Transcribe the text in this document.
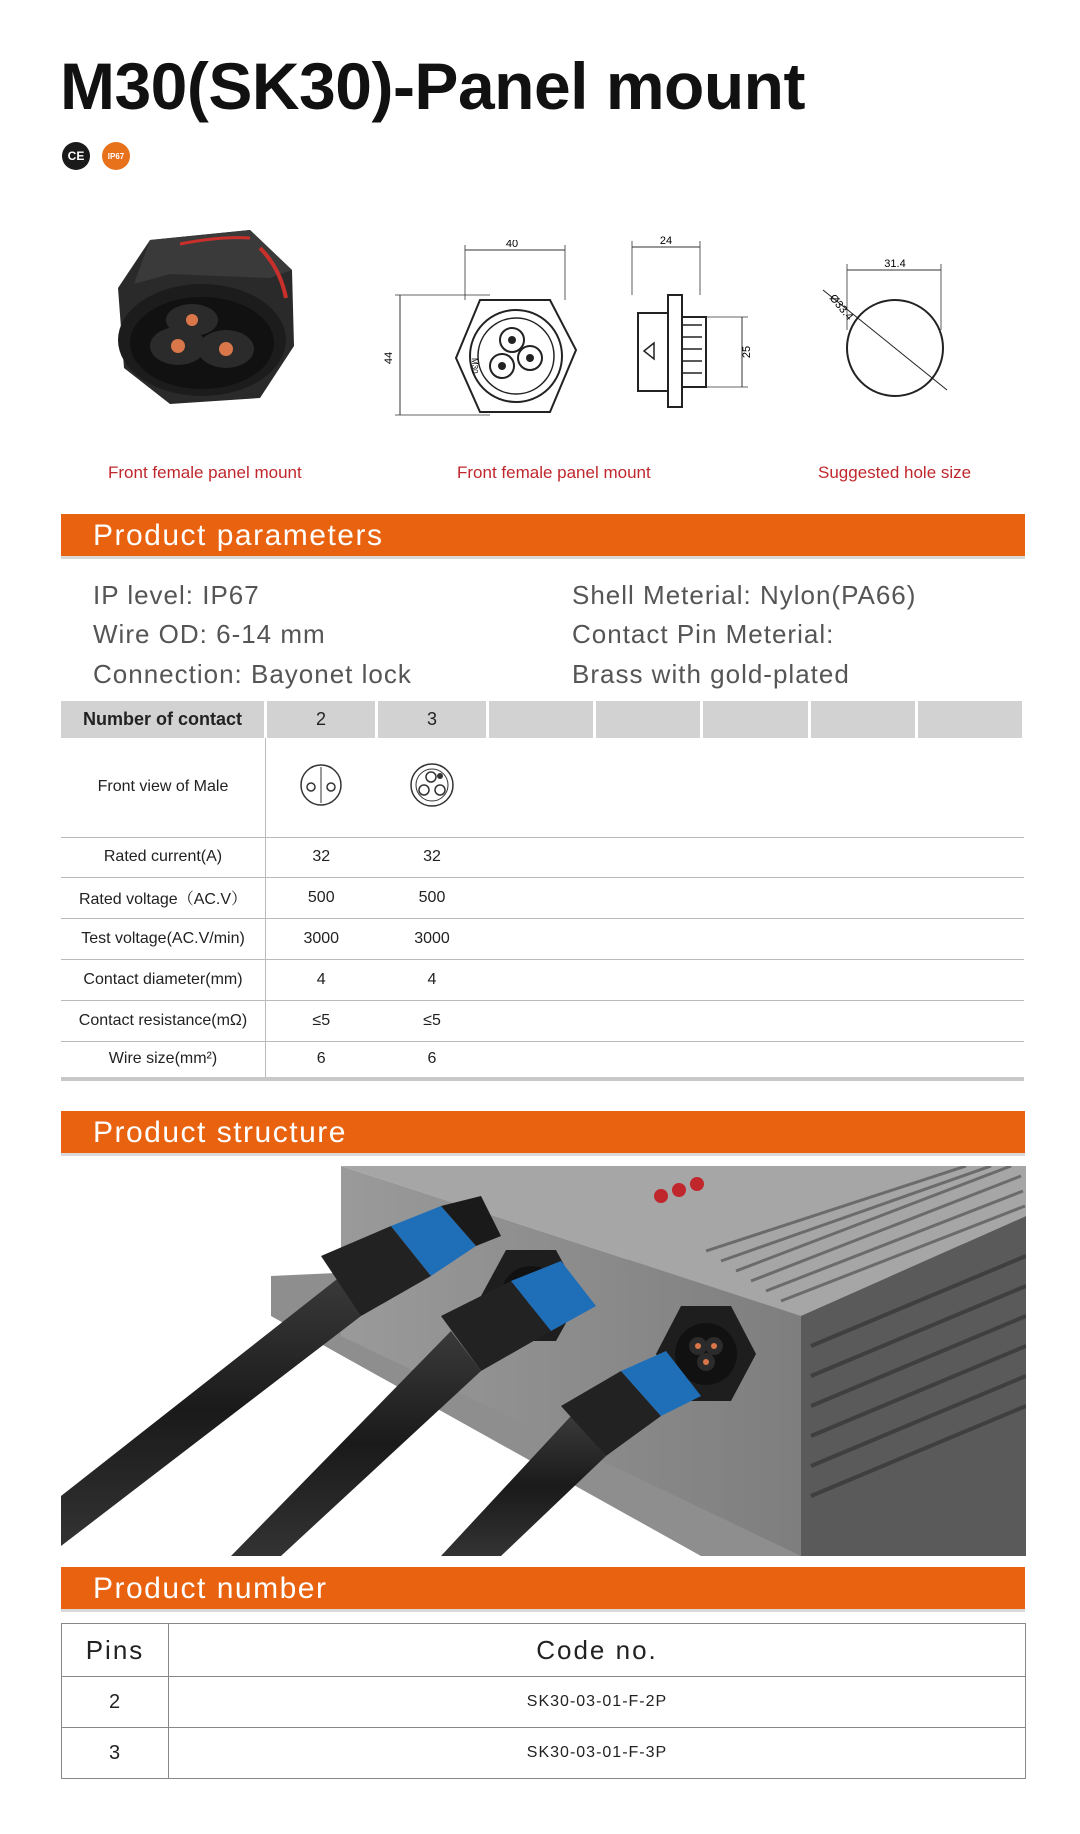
M30(SK30)-Panel mount
CE	IP67
40
44	M30
24
25
31.4
Ø33.4
Front female panel mount	Front female panel mount	Suggested hole size
Product parameters
IP level: IP67
Wire OD: 6-14 mm
Connection: Bayonet lock
Shell Meterial: Nylon(PA66)
Contact Pin Meterial:
Brass with gold-plated
Number of contact	2	3					
Front view of Male							
Rated current(A)	32	32					
Rated voltage（AC.V）	500	500					
Test voltage(AC.V/min)	3000	3000					
Contact diameter(mm)	4	4					
Contact resistance(mΩ)	≤5	≤5					
Wire size(mm²)	6	6					
Product structure
Product number
Pins	Code no.
2	SK30-03-01-F-2P
3	SK30-03-01-F-3P
